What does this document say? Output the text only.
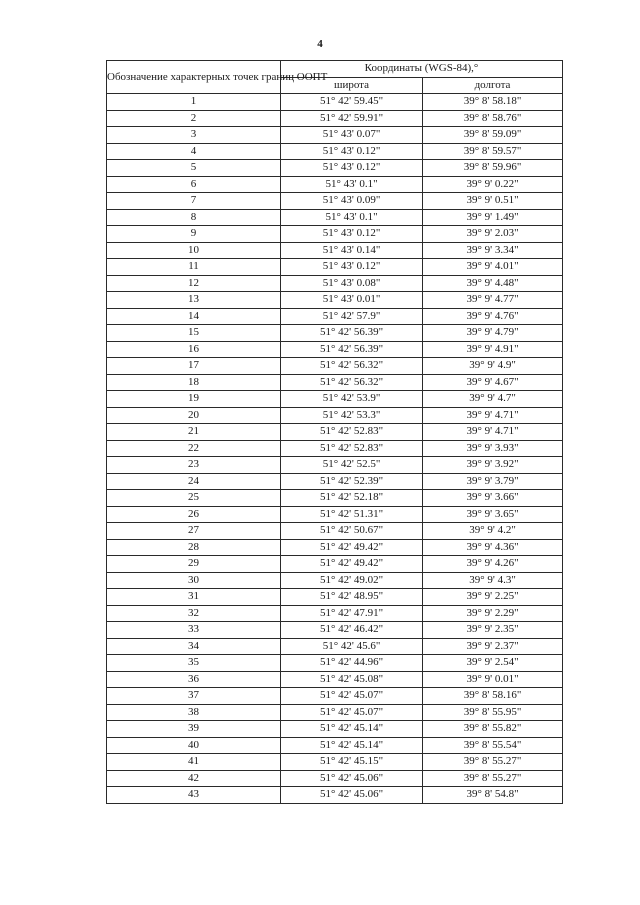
4
Обозначение характерных точек границ ООПТ	Координаты (WGS-84),°	
	широта	долгота
1	51° 42' 59.45"	39° 8' 58.18"
2	51° 42' 59.91"	39° 8' 58.76"
3	51° 43' 0.07"	39° 8' 59.09"
4	51° 43' 0.12"	39° 8' 59.57"
5	51° 43' 0.12"	39° 8' 59.96"
6	51° 43' 0.1"	39° 9' 0.22"
7	51° 43' 0.09"	39° 9' 0.51"
8	51° 43' 0.1"	39° 9' 1.49"
9	51° 43' 0.12"	39° 9' 2.03"
10	51° 43' 0.14"	39° 9' 3.34"
11	51° 43' 0.12"	39° 9' 4.01"
12	51° 43' 0.08"	39° 9' 4.48"
13	51° 43' 0.01"	39° 9' 4.77"
14	51° 42' 57.9"	39° 9' 4.76"
15	51° 42' 56.39"	39° 9' 4.79"
16	51° 42' 56.39"	39° 9' 4.91"
17	51° 42' 56.32"	39° 9' 4.9"
18	51° 42' 56.32"	39° 9' 4.67"
19	51° 42' 53.9"	39° 9' 4.7"
20	51° 42' 53.3"	39° 9' 4.71"
21	51° 42' 52.83"	39° 9' 4.71"
22	51° 42' 52.83"	39° 9' 3.93"
23	51° 42' 52.5"	39° 9' 3.92"
24	51° 42' 52.39"	39° 9' 3.79"
25	51° 42' 52.18"	39° 9' 3.66"
26	51° 42' 51.31"	39° 9' 3.65"
27	51° 42' 50.67"	39° 9' 4.2"
28	51° 42' 49.42"	39° 9' 4.36"
29	51° 42' 49.42"	39° 9' 4.26"
30	51° 42' 49.02"	39° 9' 4.3"
31	51° 42' 48.95"	39° 9' 2.25"
32	51° 42' 47.91"	39° 9' 2.29"
33	51° 42' 46.42"	39° 9' 2.35"
34	51° 42' 45.6"	39° 9' 2.37"
35	51° 42' 44.96"	39° 9' 2.54"
36	51° 42' 45.08"	39° 9' 0.01"
37	51° 42' 45.07"	39° 8' 58.16"
38	51° 42' 45.07"	39° 8' 55.95"
39	51° 42' 45.14"	39° 8' 55.82"
40	51° 42' 45.14"	39° 8' 55.54"
41	51° 42' 45.15"	39° 8' 55.27"
42	51° 42' 45.06"	39° 8' 55.27"
43	51° 42' 45.06"	39° 8' 54.8"
